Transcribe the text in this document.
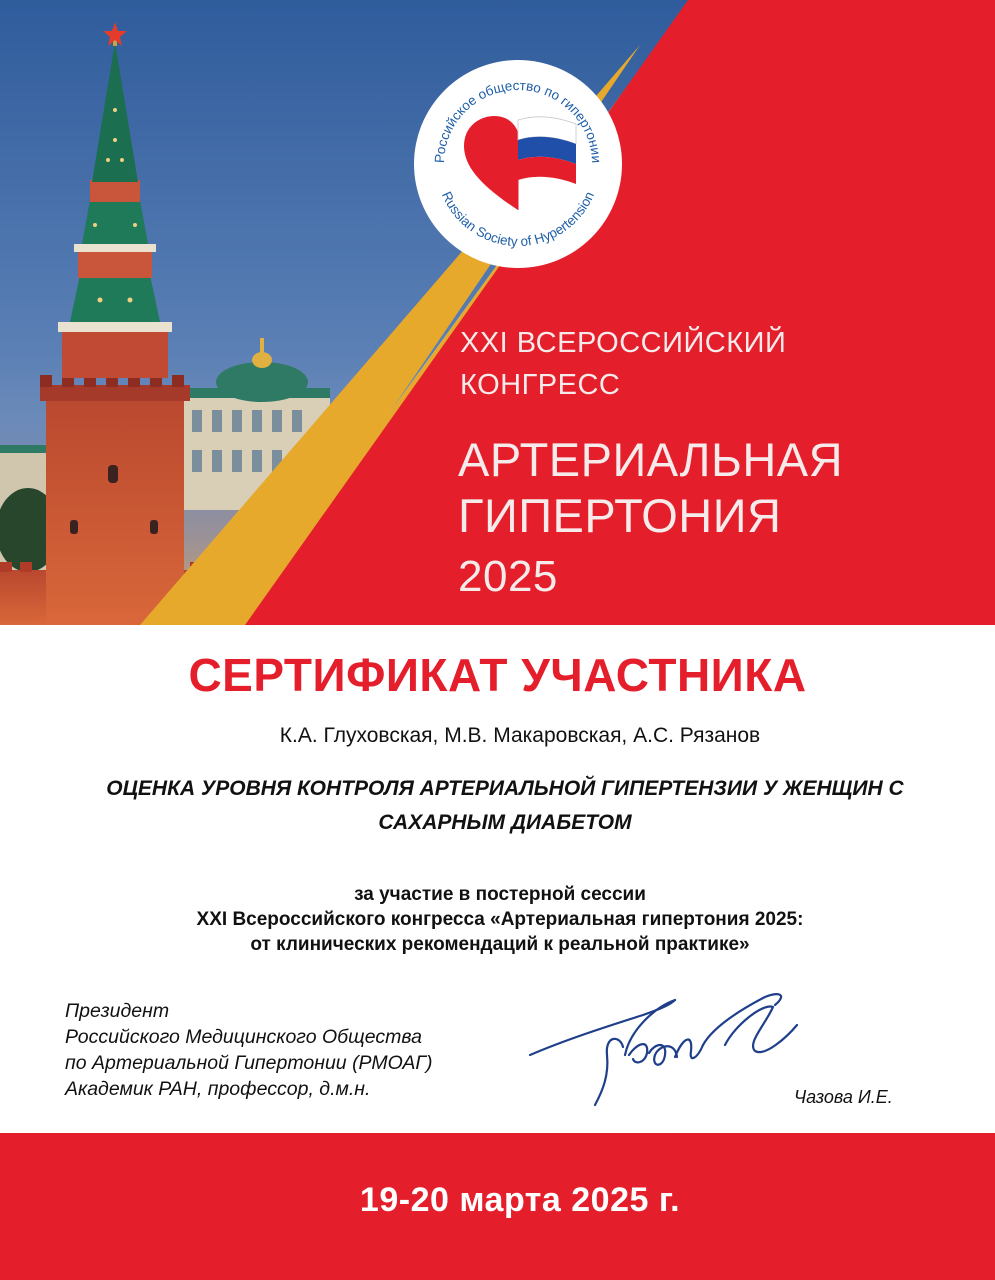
Российское общество по гипертонии
Russian Society of Hypertension
XXI ВСЕРОССИЙСКИЙ
КОНГРЕСС
АРТЕРИАЛЬНАЯ
ГИПЕРТОНИЯ
2025
СЕРТИФИКАТ УЧАСТНИКА
К.А. Глуховская, М.В. Макаровская, А.С. Рязанов
ОЦЕНКА УРОВНЯ КОНТРОЛЯ АРТЕРИАЛЬНОЙ ГИПЕРТЕНЗИИ У ЖЕНЩИН С
САХАРНЫМ ДИАБЕТОМ
за участие в постерной сессии
XXI Всероссийского конгресса «Артериальная гипертония 2025:
от клинических рекомендаций к реальной практике»
Президент
Российского Медицинского Общества
по Артериальной Гипертонии (РМОАГ)
Академик РАН, профессор, д.м.н.	Чазова И.Е.
19-20 марта 2025 г.
